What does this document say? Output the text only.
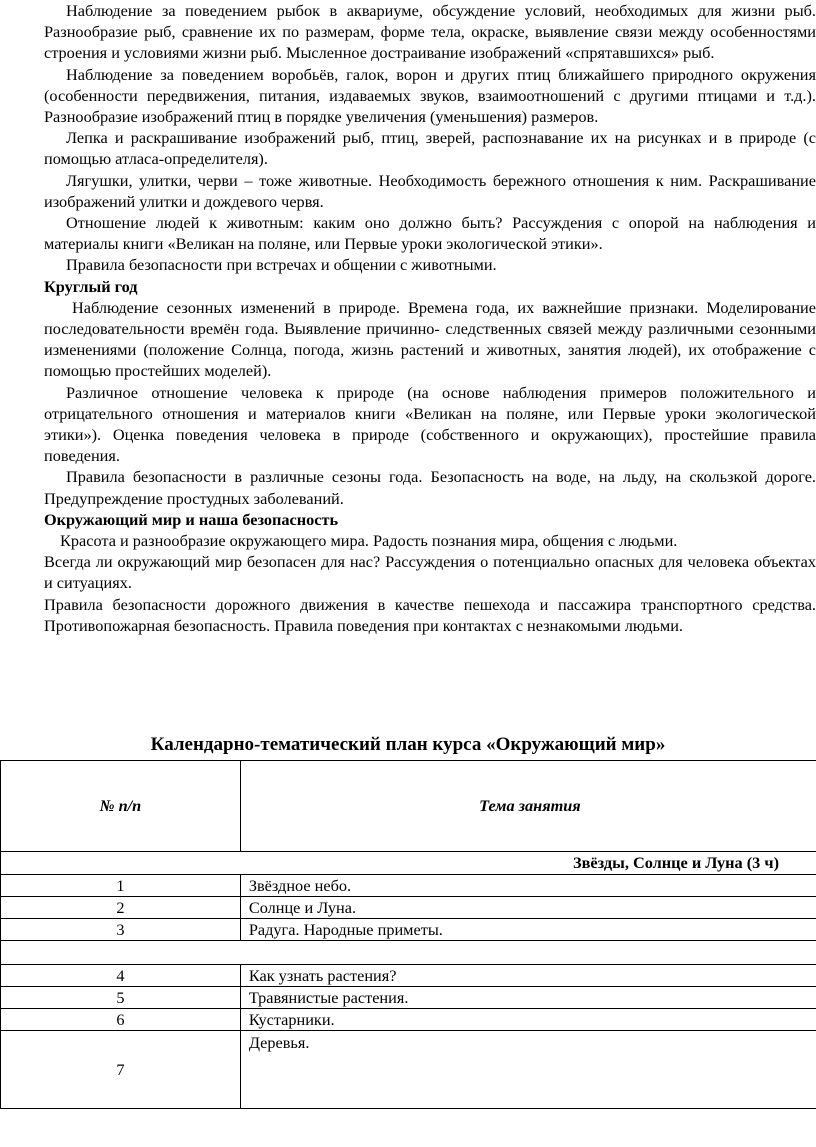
Наблюдение за поведением рыбок в аквариуме, обсуждение условий, необходимых для жизни рыб. Разнообразие рыб, сравнение их по размерам, форме тела, окраске, выявление связи между особенностями строения и условиями жизни рыб. Мысленное достраивание изображений «спрятавшихся» рыб.

Наблюдение за поведением воробьёв, галок, ворон и других птиц ближайшего природного окружения (особенности передвижения, питания, издаваемых звуков, взаимоотношений с другими птицами и т.д.). Разнообразие изображений птиц в порядке увеличения (уменьшения) размеров.

Лепка и раскрашивание изображений рыб, птиц, зверей, распознавание их на рисунках и в природе (с помощью атласа-определителя).

Лягушки, улитки, черви – тоже животные. Необходимость бережного отношения к ним. Раскрашивание изображений улитки и дождевого червя.

Отношение людей к животным: каким оно должно быть? Рассуждения с опорой на наблюдения и материалы книги «Великан на поляне, или Первые уроки экологической этики».

Правила безопасности при встречах и общении с животными.

Круглый год

Наблюдение сезонных изменений в природе. Времена года, их важнейшие признаки. Моделирование последовательности времён года. Выявление причинно- следственных связей между различными сезонными изменениями (положение Солнца, погода, жизнь растений и животных, занятия людей), их отображение с помощью простейших моделей).

Различное отношение человека к природе (на основе наблюдения примеров положительного и отрицательного отношения и материалов книги «Великан на поляне, или Первые уроки экологической этики»). Оценка поведения человека в природе (собственного и окружающих), простейшие правила поведения.

Правила безопасности в различные сезоны года. Безопасность на воде, на льду, на скользкой дороге. Предупреждение простудных заболеваний.

Окружающий мир и наша безопасность

Красота и разнообразие окружающего мира. Радость познания мира, общения с людьми.

Всегда ли окружающий мир безопасен для нас? Рассуждения о потенциально опасных для человека объектах и ситуациях.

Правила безопасности дорожного движения в качестве пешехода и пассажира транспортного средства. Противопожарная безопасность. Правила поведения при контактах с незнакомыми людьми.

Календарно-тематический план курса «Окружающий мир»
№ п/п	Тема занятия
Звёзды, Солнце и Луна (3 ч)	
1	Звёздное небо.
2	Солнце и Луна.
3	Радуга. Народные приметы.

4	Как узнать растения?
5	Травянистые растения.
6	Кустарники.
7	Деревья.
